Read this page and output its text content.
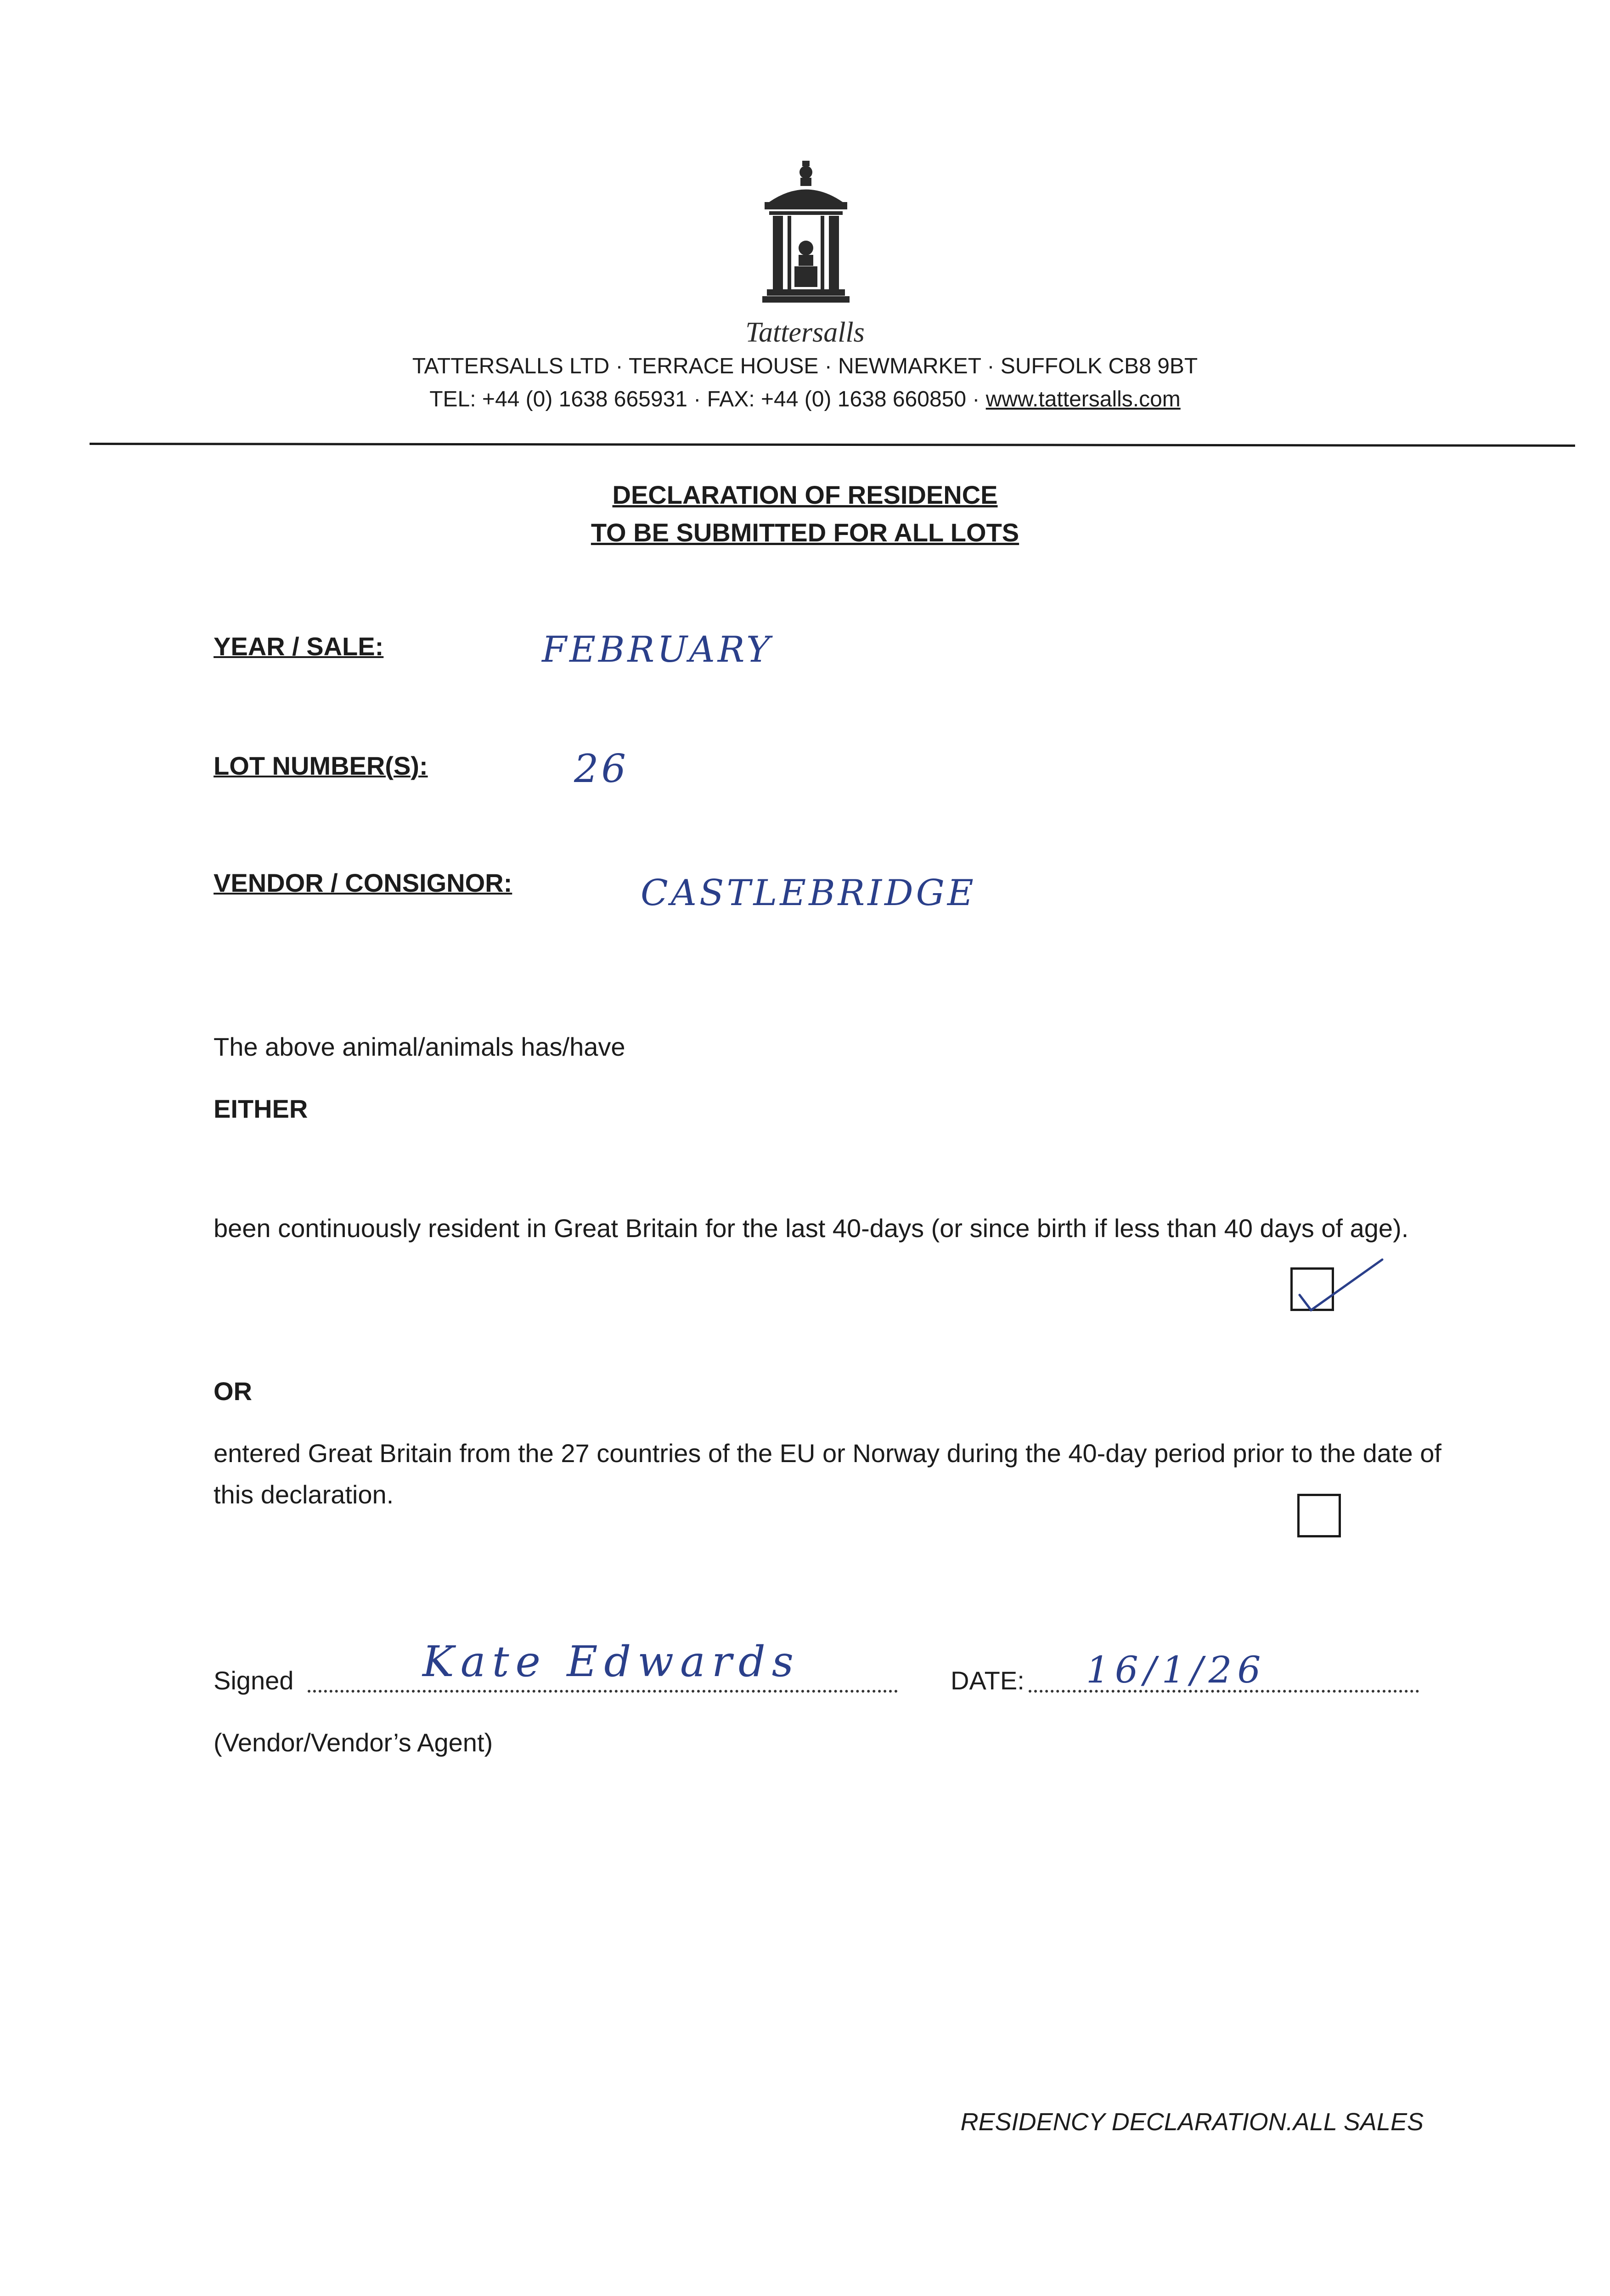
Tattersalls
TATTERSALLS LTD · TERRACE HOUSE · NEWMARKET · SUFFOLK CB8 9BT
TEL: +44 (0) 1638 665931 · FAX: +44 (0) 1638 660850 · www.tattersalls.com
DECLARATION OF RESIDENCE
TO BE SUBMITTED FOR ALL LOTS
YEAR / SALE:	FEBRUARY
LOT NUMBER(S):	26
VENDOR / CONSIGNOR:	CASTLEBRIDGE
The above animal/animals has/have
EITHER
been continuously resident in Great Britain for the last 40-days (or since birth if less than 40 days of age).
OR
entered Great Britain from the 27 countries of the EU or Norway during the 40-day period prior to the date of this declaration.
Signed	Kate Edwards	DATE: 16/1/26
(Vendor/Vendor’s Agent)
RESIDENCY DECLARATION.ALL SALES
